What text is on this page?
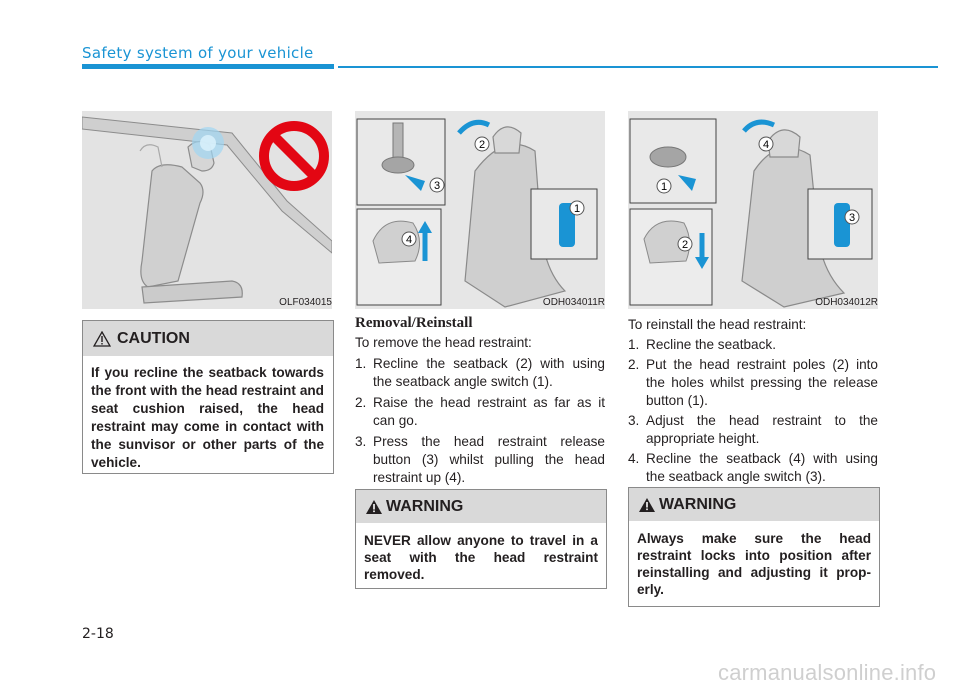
Safety system of your vehicle
OLF034015
2
3
4
1
ODH034011R
1
2
3
4
ODH034012R
CAUTION
If you recline the seatback towards the front with the head restraint and seat cushion raised, the head restraint may come in contact with the sunvisor or other parts of the vehicle.
Removal/Reinstall
To remove the head restraint:
1. Recline the seatback (2) with using the seatback angle switch (1).
2. Raise the head restraint as far as it can go.
3. Press the head restraint release button (3) whilst pulling the head restraint up (4).
To reinstall the head restraint:
1. Recline the seatback.
2. Put the head restraint poles (2) into the holes whilst pressing the release button (1).
3. Adjust the head restraint to the appropriate height.
4. Recline the seatback (4) with using the seatback angle switch (3).
WARNING
NEVER allow anyone to travel in a seat with the head restraint removed.
WARNING
Always make sure the head restraint locks into position after reinstalling and adjusting it properly.
2-18
carmanualsonline.info
